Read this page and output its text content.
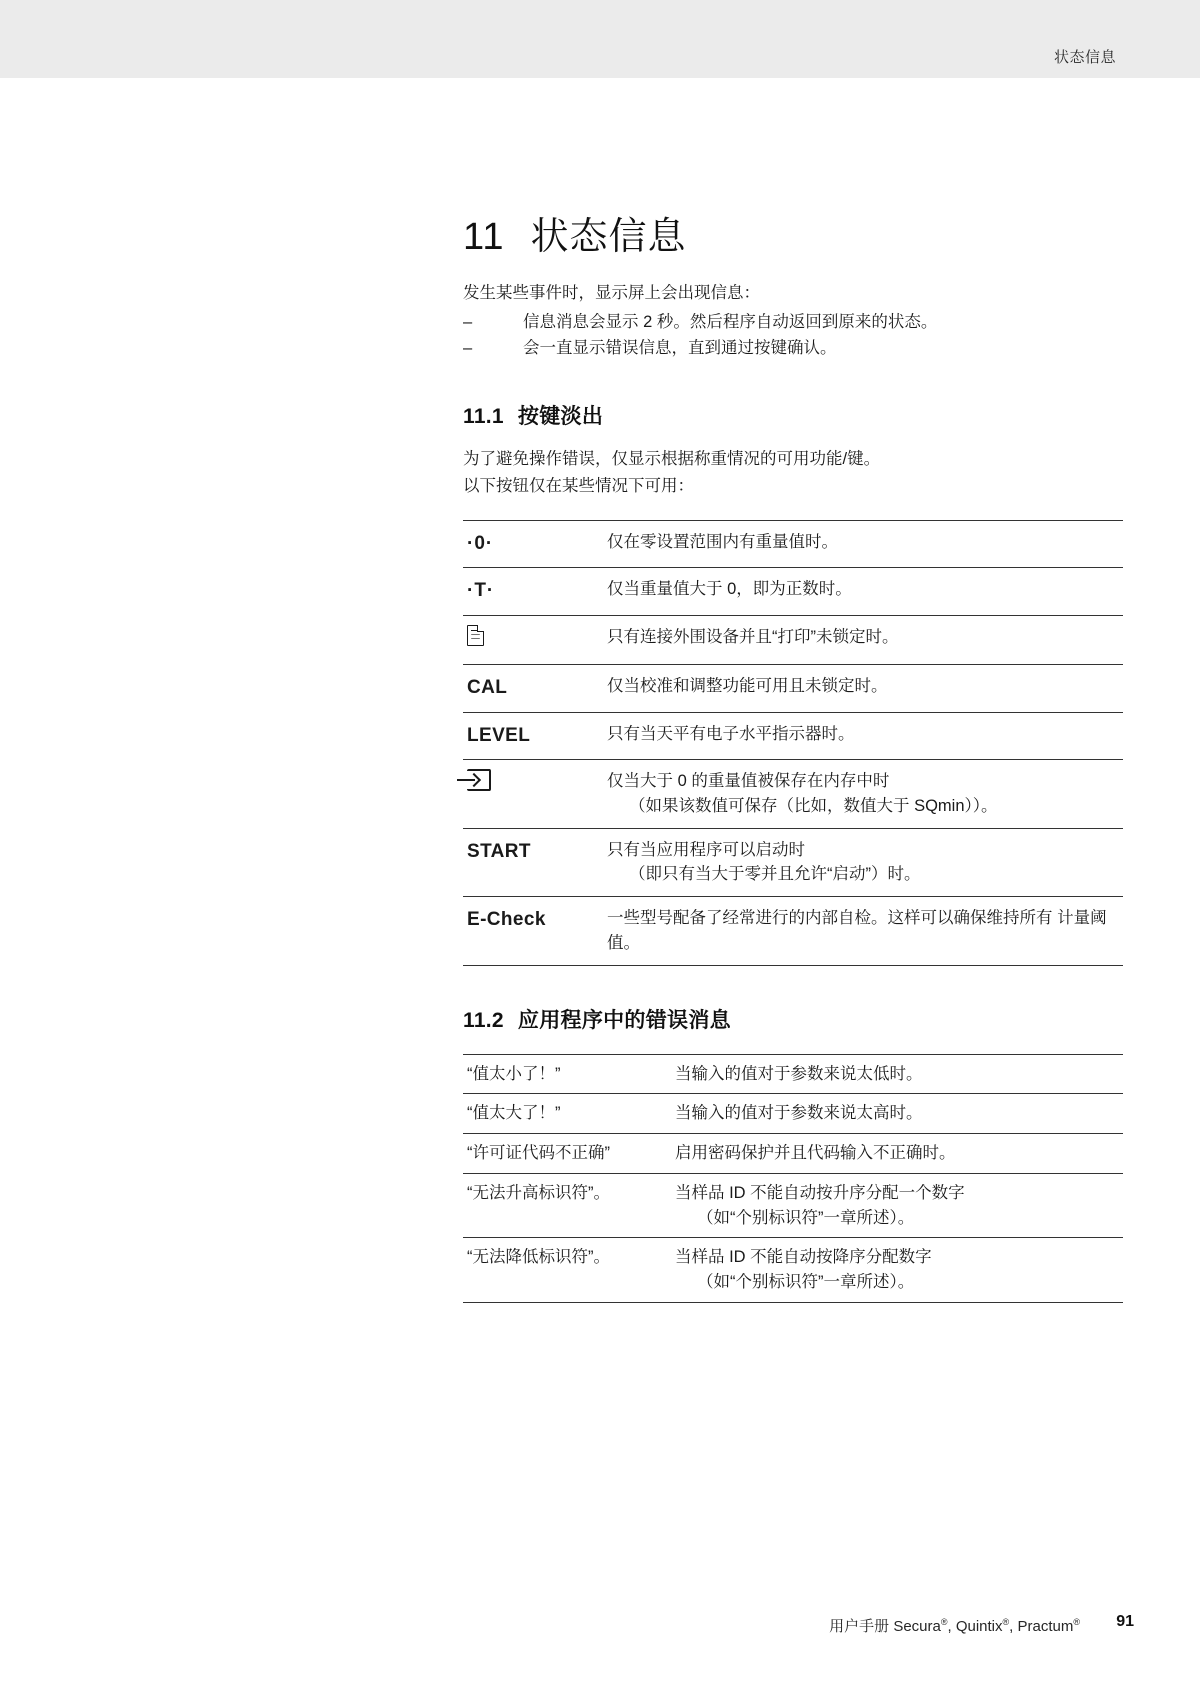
状态信息
11 状态信息

发生某些事件时，显示屏上会出现信息：

–	信息消息会显示 2 秒。然后程序自动返回到原来的状态。
–	会一直显示错误信息，直到通过按键确认。
11.1 按键淡出

为了避免操作错误，仅显示根据称重情况的可用功能/键。

以下按钮仅在某些情况下可用：

·0·	仅在零设置范围内有重量值时。
·T·	仅当重量值大于 0，即为正数时。
	只有连接外围设备并且“打印”未锁定时。
CAL	仅当校准和调整功能可用且未锁定时。
LEVEL	只有当天平有电子水平指示器时。
	仅当大于 0 的重量值被保存在内存中时
（如果该数值可保存（比如，数值大于 SQmin））。

START	只有当应用程序可以启动时
（即只有当大于零并且允许“启动”）时。

E-Check	一些型号配备了经常进行的内部自检。这样可以确保维持所有 计量阈值。
11.2 应用程序中的错误消息
“值太小了！”	当输入的值对于参数来说太低时。
“值太大了！”	当输入的值对于参数来说太高时。
“许可证代码不正确”	启用密码保护并且代码输入不正确时。
“无法升高标识符”。	当样品 ID 不能自动按升序分配一个数字
（如“个别标识符”一章所述）。

“无法降低标识符”。	当样品 ID 不能自动按降序分配数字
（如“个别标识符”一章所述）。
用户手册 Secura®, Quintix®, Practum® 91
